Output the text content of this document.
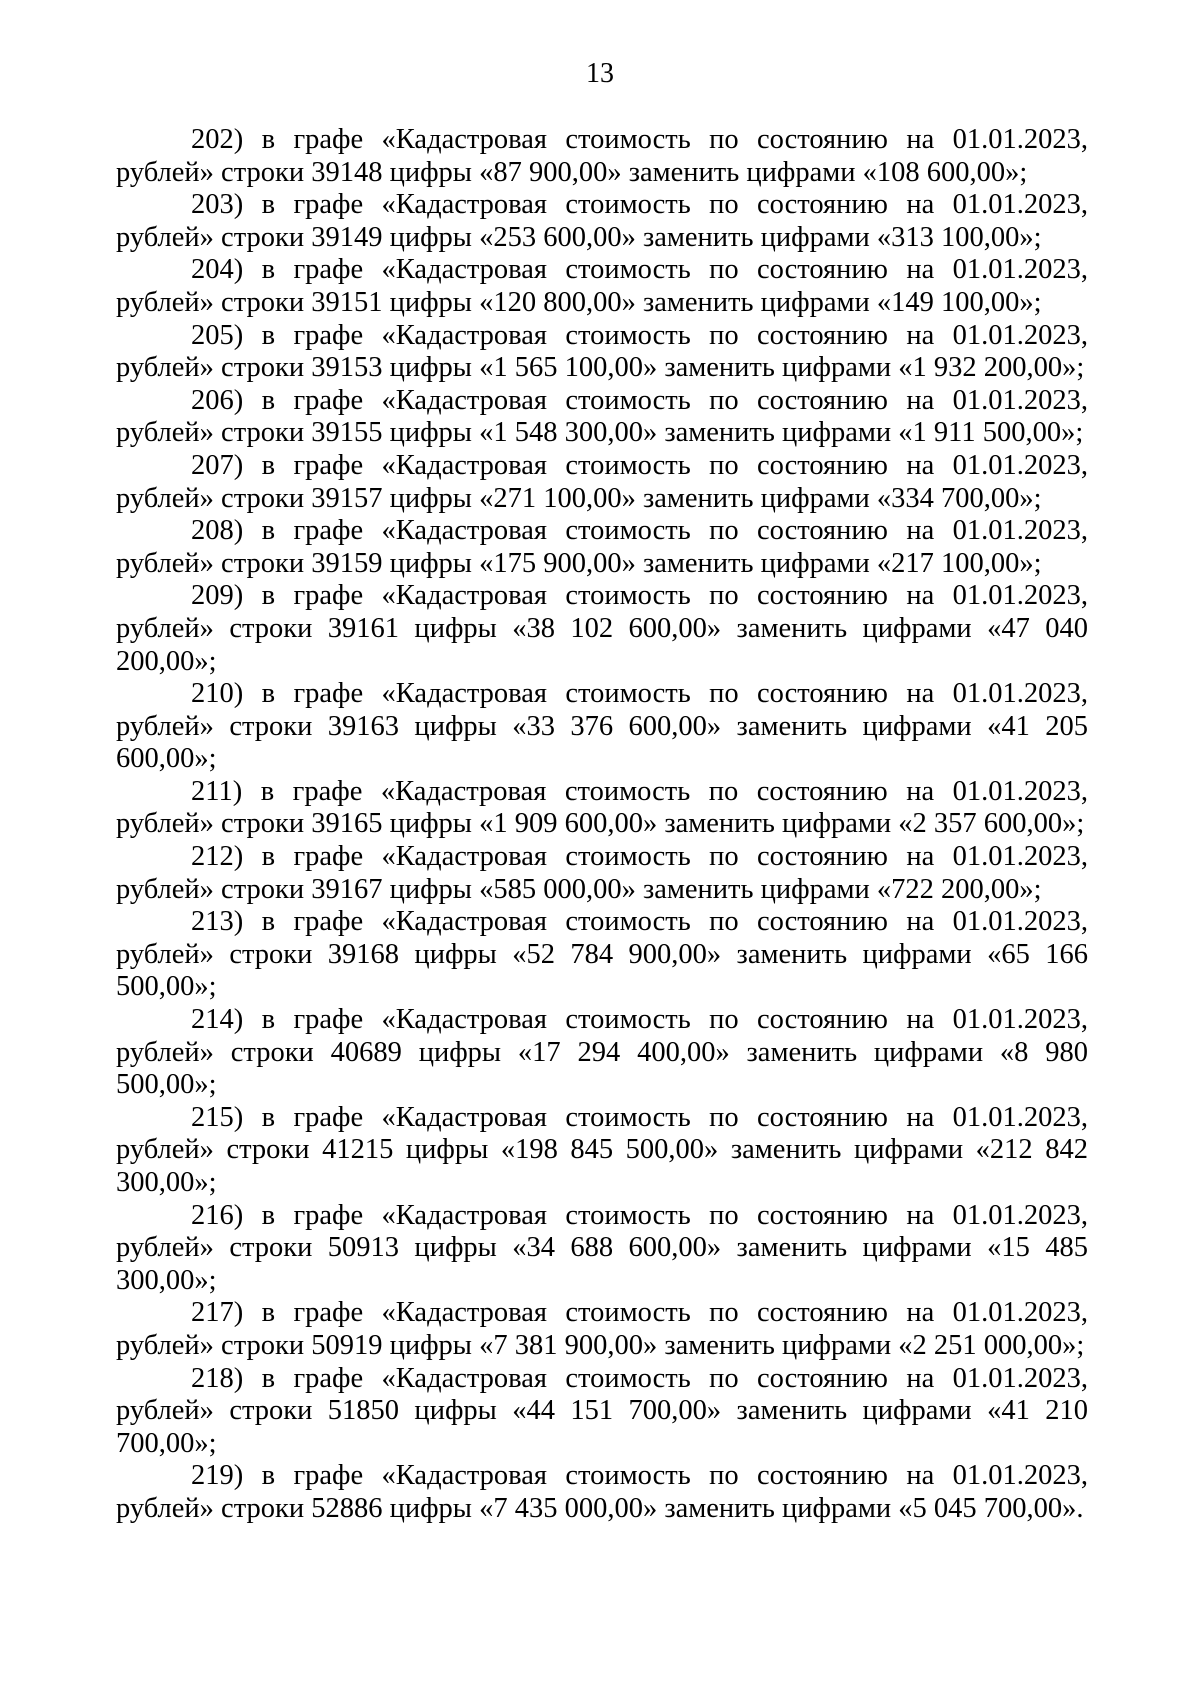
13

202) в графе «Кадастровая стоимость по состоянию на 01.01.2023, рублей» строки 39148 цифры «87 900,00» заменить цифрами «108 600,00»;

203) в графе «Кадастровая стоимость по состоянию на 01.01.2023, рублей» строки 39149 цифры «253 600,00» заменить цифрами «313 100,00»;

204) в графе «Кадастровая стоимость по состоянию на 01.01.2023, рублей» строки 39151 цифры «120 800,00» заменить цифрами «149 100,00»;

205) в графе «Кадастровая стоимость по состоянию на 01.01.2023, рублей» строки 39153 цифры «1 565 100,00» заменить цифрами «1 932 200,00»;

206) в графе «Кадастровая стоимость по состоянию на 01.01.2023, рублей» строки 39155 цифры «1 548 300,00» заменить цифрами «1 911 500,00»;

207) в графе «Кадастровая стоимость по состоянию на 01.01.2023, рублей» строки 39157 цифры «271 100,00» заменить цифрами «334 700,00»;

208) в графе «Кадастровая стоимость по состоянию на 01.01.2023, рублей» строки 39159 цифры «175 900,00» заменить цифрами «217 100,00»;

209) в графе «Кадастровая стоимость по состоянию на 01.01.2023, рублей» строки 39161 цифры «38 102 600,00» заменить цифрами «47 040 200,00»;

210) в графе «Кадастровая стоимость по состоянию на 01.01.2023, рублей» строки 39163 цифры «33 376 600,00» заменить цифрами «41 205 600,00»;

211) в графе «Кадастровая стоимость по состоянию на 01.01.2023, рублей» строки 39165 цифры «1 909 600,00» заменить цифрами «2 357 600,00»;

212) в графе «Кадастровая стоимость по состоянию на 01.01.2023, рублей» строки 39167 цифры «585 000,00» заменить цифрами «722 200,00»;

213) в графе «Кадастровая стоимость по состоянию на 01.01.2023, рублей» строки 39168 цифры «52 784 900,00» заменить цифрами «65 166 500,00»;

214) в графе «Кадастровая стоимость по состоянию на 01.01.2023, рублей» строки 40689 цифры «17 294 400,00» заменить цифрами «8 980 500,00»;

215) в графе «Кадастровая стоимость по состоянию на 01.01.2023, рублей» строки 41215 цифры «198 845 500,00» заменить цифрами «212 842 300,00»;

216) в графе «Кадастровая стоимость по состоянию на 01.01.2023, рублей» строки 50913 цифры «34 688 600,00» заменить цифрами «15 485 300,00»;

217) в графе «Кадастровая стоимость по состоянию на 01.01.2023, рублей» строки 50919 цифры «7 381 900,00» заменить цифрами «2 251 000,00»;

218) в графе «Кадастровая стоимость по состоянию на 01.01.2023, рублей» строки 51850 цифры «44 151 700,00» заменить цифрами «41 210 700,00»;

219) в графе «Кадастровая стоимость по состоянию на 01.01.2023, рублей» строки 52886 цифры «7 435 000,00» заменить цифрами «5 045 700,00».
